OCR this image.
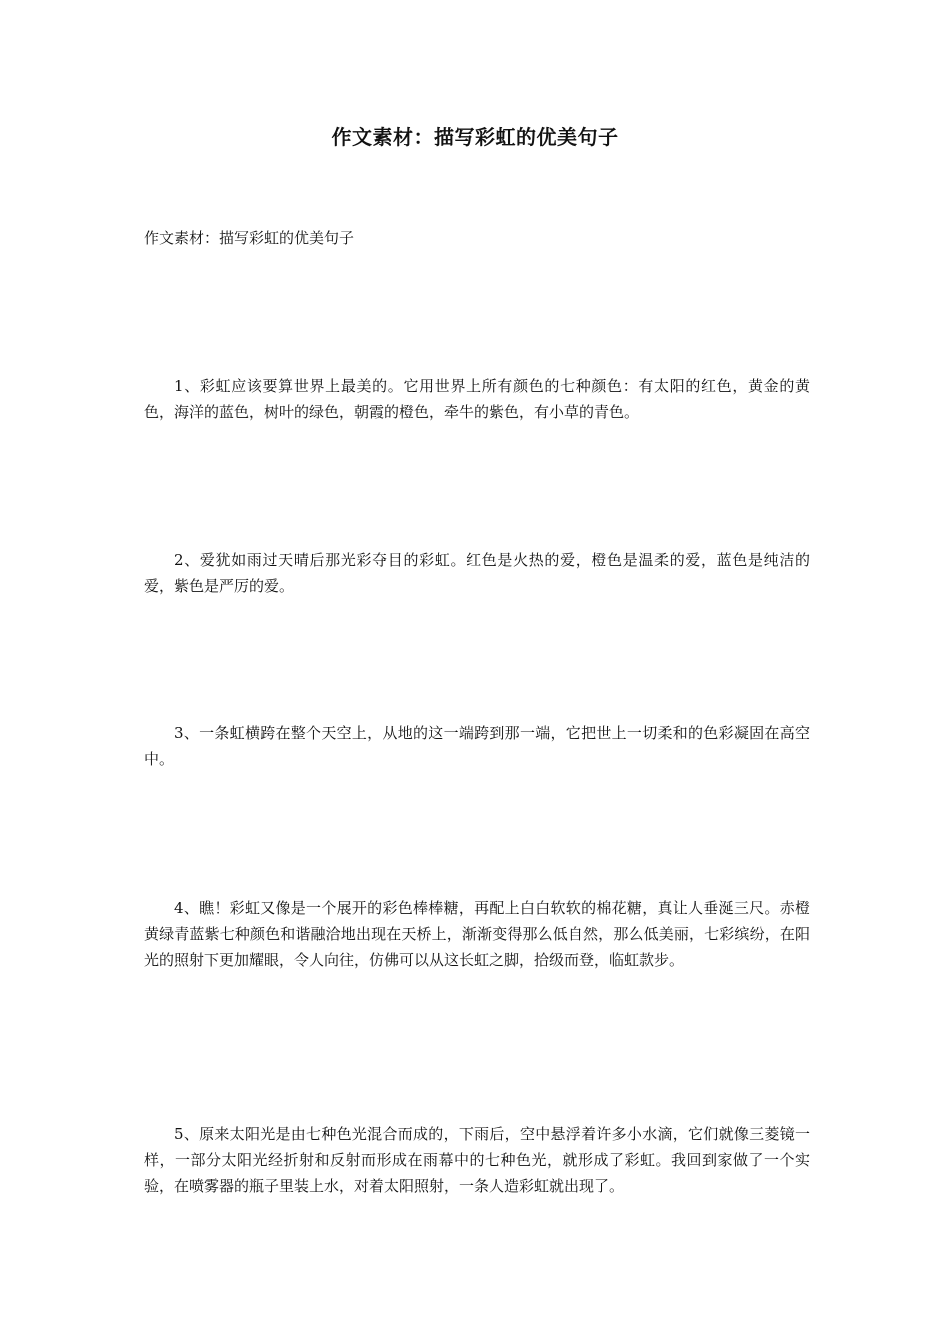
作文素材：描写彩虹的优美句子
作文素材：描写彩虹的优美句子

1、彩虹应该要算世界上最美的。它用世界上所有颜色的七种颜色：有太阳的红色，黄金的黄色，海洋的蓝色，树叶的绿色，朝霞的橙色，牵牛的紫色，有小草的青色。

2、爱犹如雨过天晴后那光彩夺目的彩虹。红色是火热的爱，橙色是温柔的爱，蓝色是纯洁的爱，紫色是严厉的爱。

3、一条虹横跨在整个天空上，从地的这一端跨到那一端，它把世上一切柔和的色彩凝固在高空中。

4、瞧！彩虹又像是一个展开的彩色棒棒糖，再配上白白软软的棉花糖，真让人垂涎三尺。赤橙黄绿青蓝紫七种颜色和谐融洽地出现在天桥上，渐渐变得那么低自然，那么低美丽，七彩缤纷，在阳光的照射下更加耀眼，令人向往，仿佛可以从这长虹之脚，拾级而登，临虹款步。

5、原来太阳光是由七种色光混合而成的，下雨后，空中悬浮着许多小水滴，它们就像三菱镜一样，一部分太阳光经折射和反射而形成在雨幕中的七种色光，就形成了彩虹。我回到家做了一个实验，在喷雾器的瓶子里装上水，对着太阳照射，一条人造彩虹就出现了。
